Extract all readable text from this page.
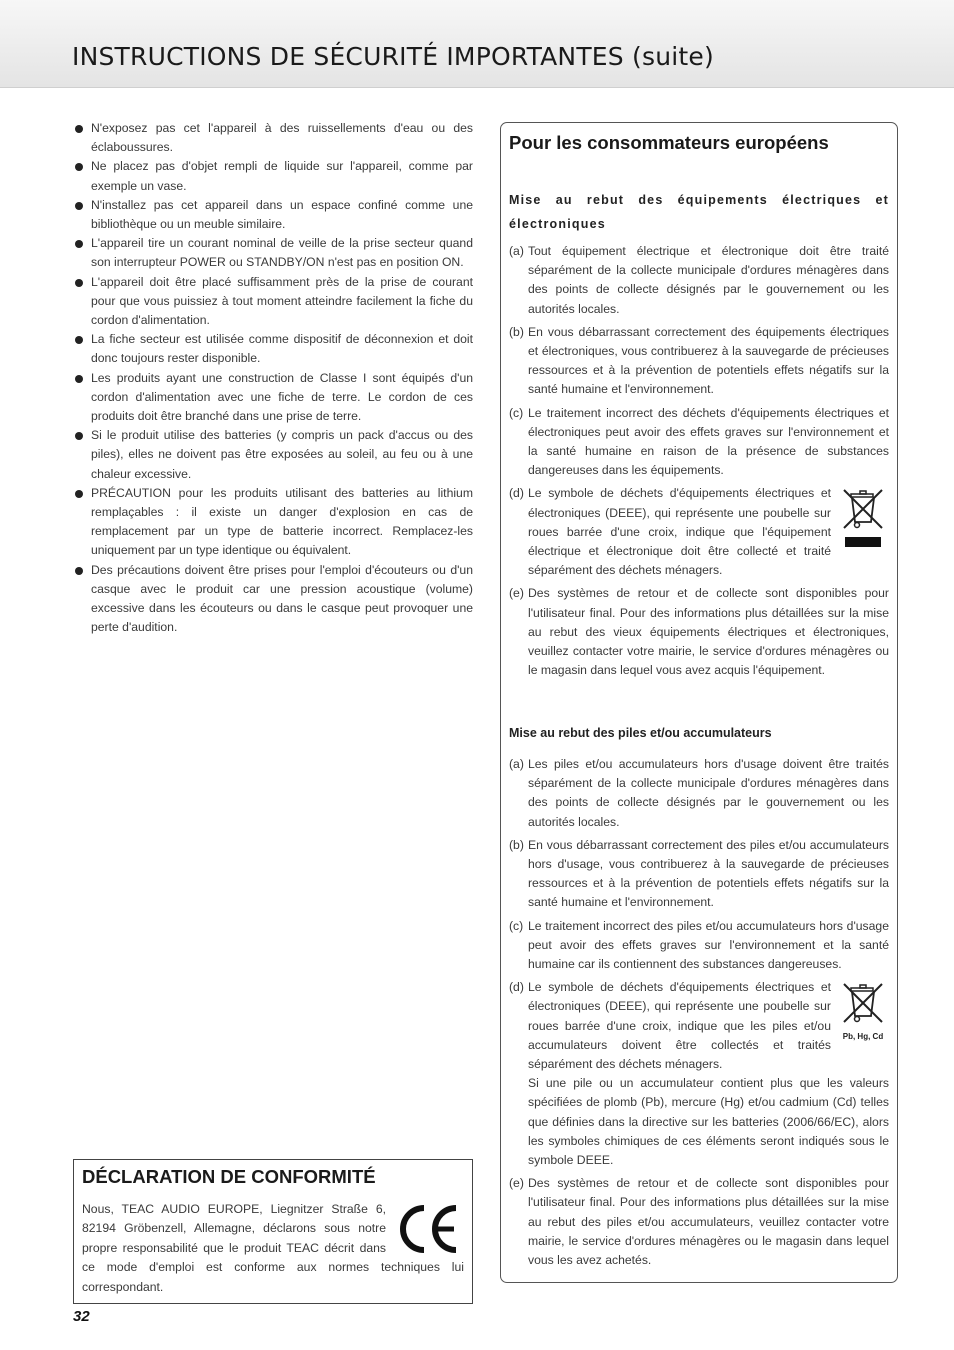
INSTRUCTIONS DE SÉCURITÉ IMPORTANTES (suite)
N'exposez pas cet l'appareil à des ruissellements d'eau ou des éclaboussures.
Ne placez pas d'objet rempli de liquide sur l'appareil, comme par exemple un vase.
N'installez pas cet appareil dans un espace confiné comme une bibliothèque ou un meuble similaire.
L'appareil tire un courant nominal de veille de la prise secteur quand son interrupteur POWER ou STANDBY/ON n'est pas en position ON.
L'appareil doit être placé suffisamment près de la prise de courant pour que vous puissiez à tout moment atteindre facilement la fiche du cordon d'alimentation.
La fiche secteur est utilisée comme dispositif de déconnexion et doit donc toujours rester disponible.
Les produits ayant une construction de Classe I sont équipés d'un cordon d'alimentation avec une fiche de terre. Le cordon de ces produits doit être branché dans une prise de terre.
Si le produit utilise des batteries (y compris un pack d'accus ou des piles), elles ne doivent pas être exposées au soleil, au feu ou à une chaleur excessive.
PRÉCAUTION pour les produits utilisant des batteries au lithium remplaçables : il existe un danger d'explosion en cas de remplacement par un type de batterie incorrect. Remplacez-les uniquement par un type identique ou équivalent.
Des précautions doivent être prises pour l'emploi d'écouteurs ou d'un casque avec le produit car une pression acoustique (volume) excessive dans les écouteurs ou dans le casque peut provoquer une perte d'audition.
Pour les consommateurs européens
Mise au rebut des équipements électriques et électroniques
(a) Tout équipement électrique et électronique doit être traité séparément de la collecte municipale d'ordures ménagères dans des points de collecte désignés par le gouvernement ou les autorités locales.
(b) En vous débarrassant correctement des équipements électriques et électroniques, vous contribuerez à la sauvegarde de précieuses ressources et à la prévention de potentiels effets négatifs sur la santé humaine et l'environnement.
(c) Le traitement incorrect des déchets d'équipements électriques et électroniques peut avoir des effets graves sur l'environnement et la santé humaine en raison de la présence de substances dangereuses dans les équipements.
(d) Le symbole de déchets d'équipements électriques et électroniques (DEEE), qui représente une poubelle sur roues barrée d'une croix, indique que l'équipement électrique et électronique doit être collecté et traité séparément des déchets ménagers.
(e) Des systèmes de retour et de collecte sont disponibles pour l'utilisateur final. Pour des informations plus détaillées sur la mise au rebut des vieux équipements électriques et électroniques, veuillez contacter votre mairie, le service d'ordures ménagères ou le magasin dans lequel vous avez acquis l'équipement.
Mise au rebut des piles et/ou accumulateurs
(a) Les piles et/ou accumulateurs hors d'usage doivent être traités séparément de la collecte municipale d'ordures ménagères dans des points de collecte désignés par le gouvernement ou les autorités locales.
(b) En vous débarrassant correctement des piles et/ou accumulateurs hors d'usage, vous contribuerez à la sauvegarde de précieuses ressources et à la prévention de potentiels effets négatifs sur la santé humaine et l'environnement.
(c) Le traitement incorrect des piles et/ou accumulateurs hors d'usage peut avoir des effets graves sur l'environnement et la santé humaine car ils contiennent des substances dangereuses.
(d)
Pb, Hg, Cd
Le symbole de déchets d'équipements électriques et électroniques (DEEE), qui représente une poubelle sur roues barrée d'une croix, indique que les piles et/ou accumulateurs doivent être collectés et traités séparément des déchets ménagers.
Si une pile ou un accumulateur contient plus que les valeurs spécifiées de plomb (Pb), mercure (Hg) et/ou cadmium (Cd) telles que définies dans la directive sur les batteries (2006/66/EC), alors les symboles chimiques de ces éléments seront indiqués sous le symbole DEEE.
(e) Des systèmes de retour et de collecte sont disponibles pour l'utilisateur final. Pour des informations plus détaillées sur la mise au rebut des piles et/ou accumulateurs, veuillez contacter votre mairie, le service d'ordures ménagères ou le magasin dans lequel vous les avez achetés.
DÉCLARATION DE CONFORMITÉ

Nous, TEAC AUDIO EUROPE, Liegnitzer Straße 6, 82194 Gröbenzell, Allemagne, déclarons sous notre propre responsabilité que le produit TEAC décrit dans ce mode d'emploi est conforme aux normes techniques lui correspondant.

32
